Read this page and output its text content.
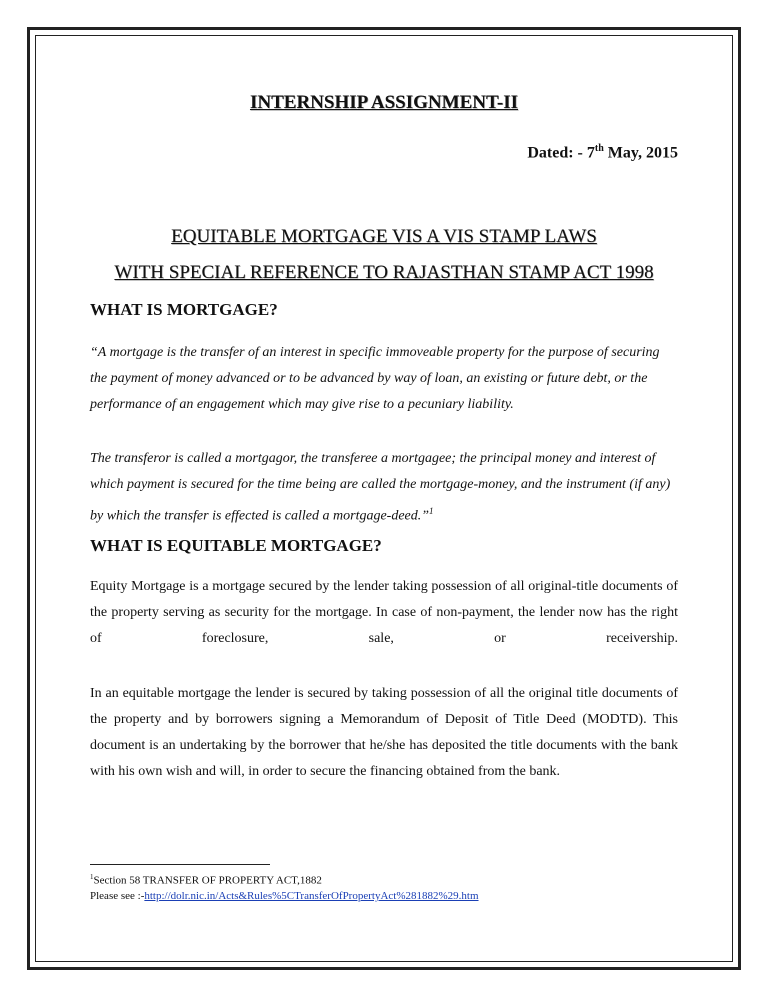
INTERNSHIP ASSIGNMENT-II

Dated: - 7th May, 2015

EQUITABLE MORTGAGE VIS A VIS STAMP LAWS

WITH SPECIAL REFERENCE TO RAJASTHAN STAMP ACT 1998

WHAT IS MORTGAGE?

“A mortgage is the transfer of an interest in specific immoveable property for the purpose of securing the payment of money advanced or to be advanced by way of loan, an existing or future debt, or the performance of an engagement which may give rise to a pecuniary liability.

The transferor is called a mortgagor, the transferee a mortgagee; the principal money and interest of which payment is secured for the time being are called the mortgage-money, and the instrument (if any) by which the transfer is effected is called a mortgage-deed.”$^1$

WHAT IS EQUITABLE MORTGAGE?

Equity Mortgage is a mortgage secured by the lender taking possession of all original-title documents of the property serving as security for the mortgage. In case of non-payment, the lender now has the right of foreclosure, sale, or receivership.

In an equitable mortgage the lender is secured by taking possession of all the original title documents of the property and by borrowers signing a Memorandum of Deposit of Title Deed (MODTD). This document is an undertaking by the borrower that he/she has deposited the title documents with the bank with his own wish and will, in order to secure the financing obtained from the bank.

$^1$Section 58 TRANSFER OF PROPERTY ACT,1882

Please see :-http://dolr.nic.in/Acts&Rules%5CTransferOfPropertyAct%281882%29.htm
